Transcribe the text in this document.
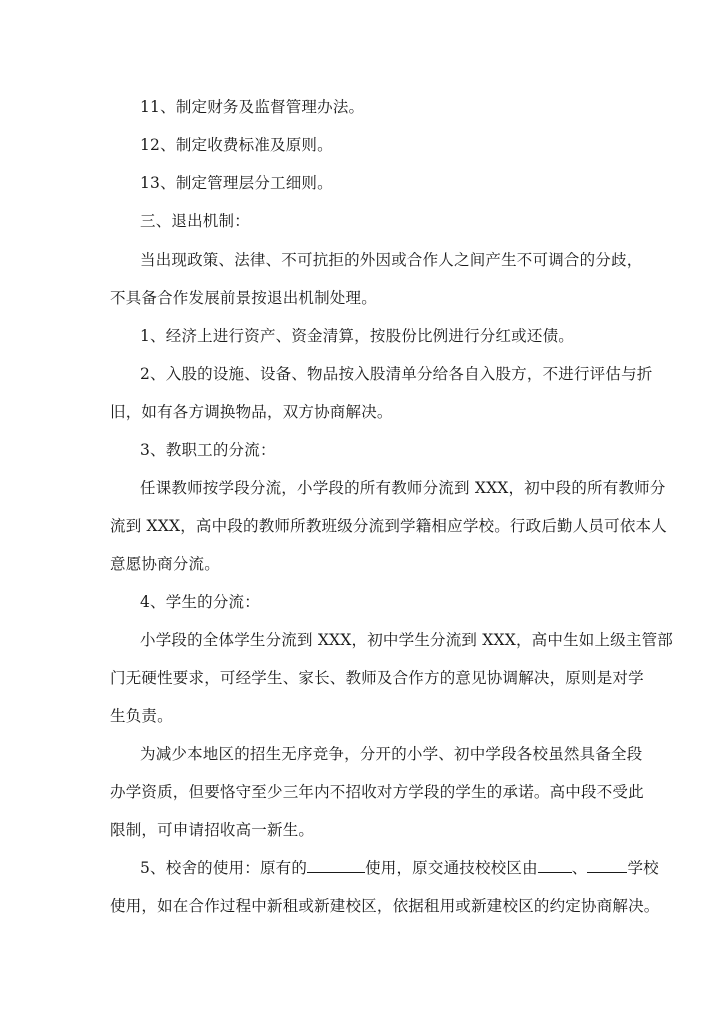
11、制定财务及监督管理办法。
12、制定收费标准及原则。
13、制定管理层分工细则。
三、退出机制：
当出现政策、法律、不可抗拒的外因或合作人之间产生不可调合的分歧，
不具备合作发展前景按退出机制处理。
1、经济上进行资产、资金清算，按股份比例进行分红或还债。
2、入股的设施、设备、物品按入股清单分给各自入股方，不进行评估与折
旧，如有各方调换物品，双方协商解决。
3、教职工的分流：
任课教师按学段分流，小学段的所有教师分流到 XXX，初中段的所有教师分
流到 XXX，高中段的教师所教班级分流到学籍相应学校。行政后勤人员可依本人
意愿协商分流。
4、学生的分流：
小学段的全体学生分流到 XXX，初中学生分流到 XXX，高中生如上级主管部
门无硬性要求，可经学生、家长、教师及合作方的意见协调解决，原则是对学
生负责。
为减少本地区的招生无序竞争，分开的小学、初中学段各校虽然具备全段
办学资质，但要恪守至少三年内不招收对方学段的学生的承诺。高中段不受此
限制，可申请招收高一新生。
5、校舍的使用：原有的	使用，原交通技校校区由 、	学校
使用，如在合作过程中新租或新建校区，依据租用或新建校区的约定协商解决。
